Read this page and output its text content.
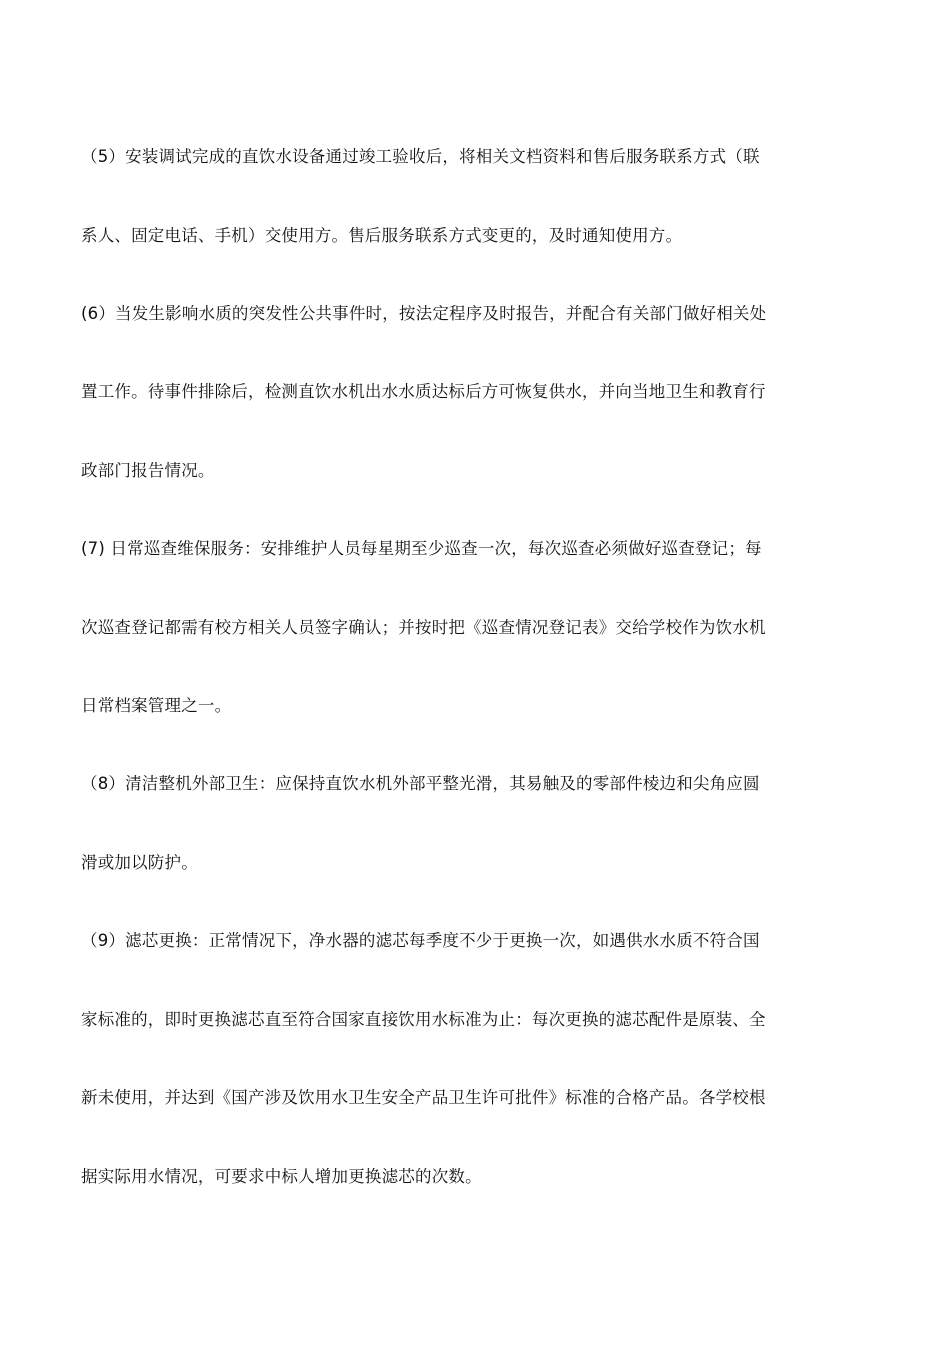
（5）安装调试完成的直饮水设备通过竣工验收后，将相关文档资料和售后服务联系方式（联
系人、固定电话、手机）交使用方。售后服务联系方式变更的，及时通知使用方。
(6）当发生影响水质的突发性公共事件时，按法定程序及时报告，并配合有关部门做好相关处
置工作。待事件排除后，检测直饮水机出水水质达标后方可恢复供水，并向当地卫生和教育行
政部门报告情况。
(7) 日常巡查维保服务：安排维护人员每星期至少巡查一次，每次巡查必须做好巡查登记；每
次巡查登记都需有校方相关人员签字确认；并按时把《巡查情况登记表》交给学校作为饮水机
日常档案管理之一。
（8）清洁整机外部卫生：应保持直饮水机外部平整光滑，其易触及的零部件棱边和尖角应圆
滑或加以防护。
（9）滤芯更换：正常情况下，净水器的滤芯每季度不少于更换一次，如遇供水水质不符合国
家标准的，即时更换滤芯直至符合国家直接饮用水标准为止：每次更换的滤芯配件是原装、全
新未使用，并达到《国产涉及饮用水卫生安全产品卫生许可批件》标准的合格产品。各学校根
据实际用水情况，可要求中标人增加更换滤芯的次数。
